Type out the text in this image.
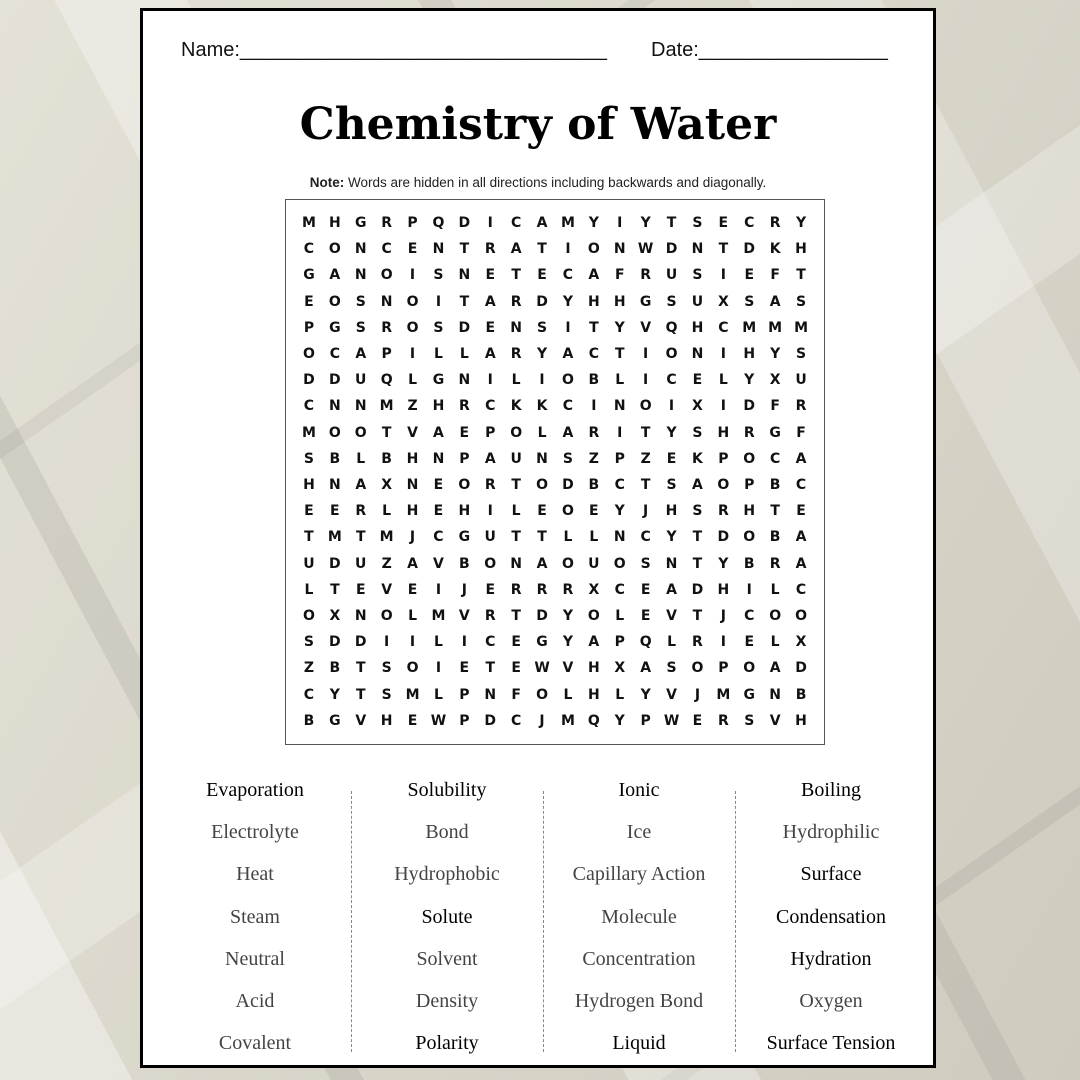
Name:_________________________________ Date:_________________
Chemistry of Water
Note: Words are hidden in all directions including backwards and diagonally.
M H	G	R	P	Q	D	I	C	A M Y	I	Y	T	S	E	C	R	Y
C	O	N	C	E	N	T	R	A	T	I	O	N W D	N	T	D	K	H
G	A	N	O	I	S	N	E	T	E	C	A	F	R	U	S	I	E	F	T
E	O	S	N	O	I	T	A	R	D	Y	H	H	G	S	U	X	S	A	S
P	G	S	R	O	S	D	E	N	S	I	T	Y	V	Q	H	C M M M
O	C	A	P	I	L	L	A	R	Y	A	C	T	I	O	N	I	H	Y	S
D	D	U	Q	L	G	N	I	L	I	O	B	L	I	C	E	L	Y	X	U
C	N	N M Z	H	R	C	K	K	C	I	N	O	I	X	I	D	F	R
M O O	T	V	A	E	P	O	L	A	R	I	T	Y	S	H	R	G	F
S	B	L	B	H	N	P	A	U	N	S	Z	P	Z	E	K	P	O	C	A
H	N	A	X	N	E	O	R	T	O	D	B	C	T	S	A	O	P	B	C
E	E	R	L	H	E	H	I	L	E	O	E	Y	J	H	S	R	H	T	E
T	M	T	M	J	C	G	U	T	T	L	L	N	C	Y	T	D	O	B	A
U	D	U	Z	A	V	B	O	N	A	O	U	O	S	N	T	Y	B	R	A
L	T	E	V	E	I	J	E	R	R	R	X	C	E	A	D	H	I	L	C
O	X	N	O	L	M V	R	T	D	Y	O	L	E	V	T	J	C	O O
S	D	D	I	I	L	I	C	E	G	Y	A	P	Q	L	R	I	E	L	X
Z	B	T	S	O	I	E	T	E W V	H	X	A	S	O	P	O	A	D
C	Y	T	S M	L	P	N	F	O	L	H	L	Y	V	J	M G	N	B
B	G	V	H	E W P	D	C	J	M Q	Y	P W E	R	S	V	H
Evaporation
Electrolyte
Heat
Steam
Neutral
Acid
Covalent
Solubility
Bond
Hydrophobic
Solute
Solvent
Density
Polarity
Ionic
Ice
Capillary Action
Molecule
Concentration
Hydrogen Bond
Liquid
Boiling
Hydrophilic
Surface
Condensation
Hydration
Oxygen
Surface Tension
